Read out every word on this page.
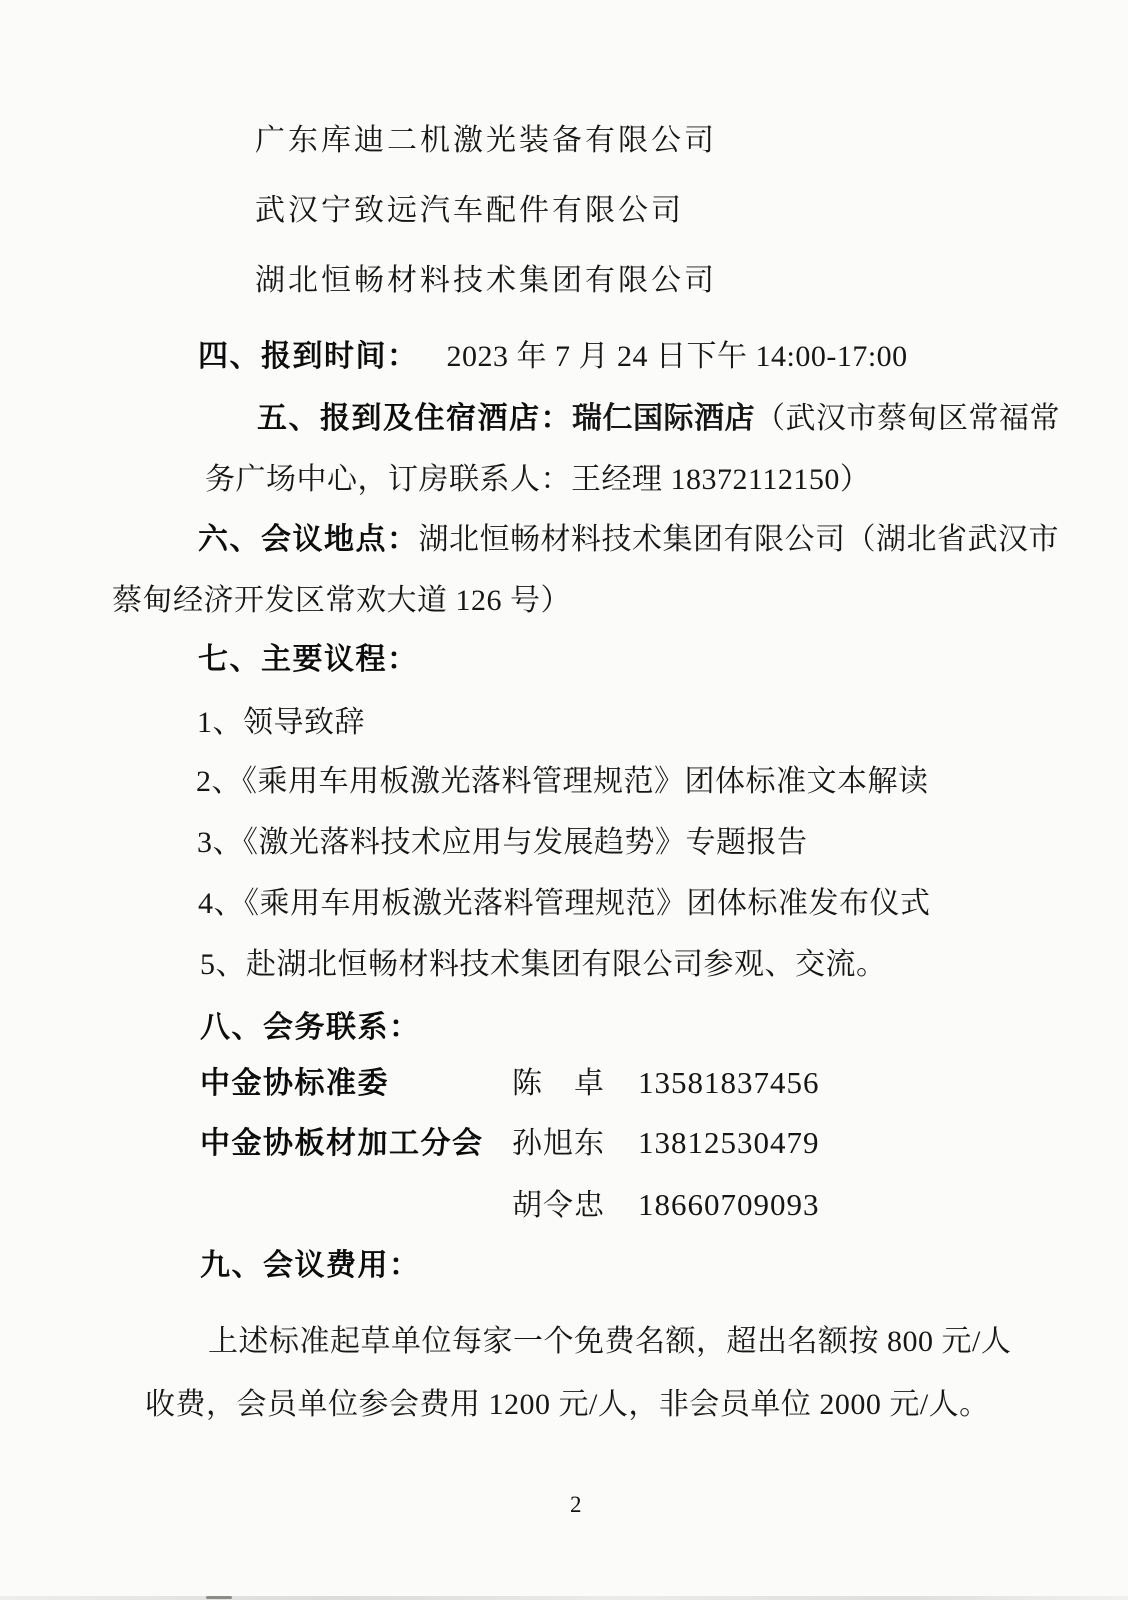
广东库迪二机激光装备有限公司
武汉宁致远汽车配件有限公司
湖北恒畅材料技术集团有限公司
四、报到时间： 2023 年 7 月 24 日下午 14:00-17:00
五、报到及住宿酒店：瑞仁国际酒店（武汉市蔡甸区常福常
务广场中心，订房联系人：王经理 18372112150）
六、会议地点：湖北恒畅材料技术集团有限公司（湖北省武汉市
蔡甸经济开发区常欢大道 126 号）
七、主要议程：
1、领导致辞
2、《乘用车用板激光落料管理规范》团体标准文本解读
3、《激光落料技术应用与发展趋势》专题报告
4、《乘用车用板激光落料管理规范》团体标准发布仪式
5、赴湖北恒畅材料技术集团有限公司参观、交流。
八、会务联系：
中金协标准委	陈　卓 13581837456
中金协板材加工分会 孙旭东 13812530479
胡令忠 18660709093
九、会议费用：
上述标准起草单位每家一个免费名额，超出名额按 800 元/人
收费，会员单位参会费用 1200 元/人，非会员单位 2000 元/人。
2
